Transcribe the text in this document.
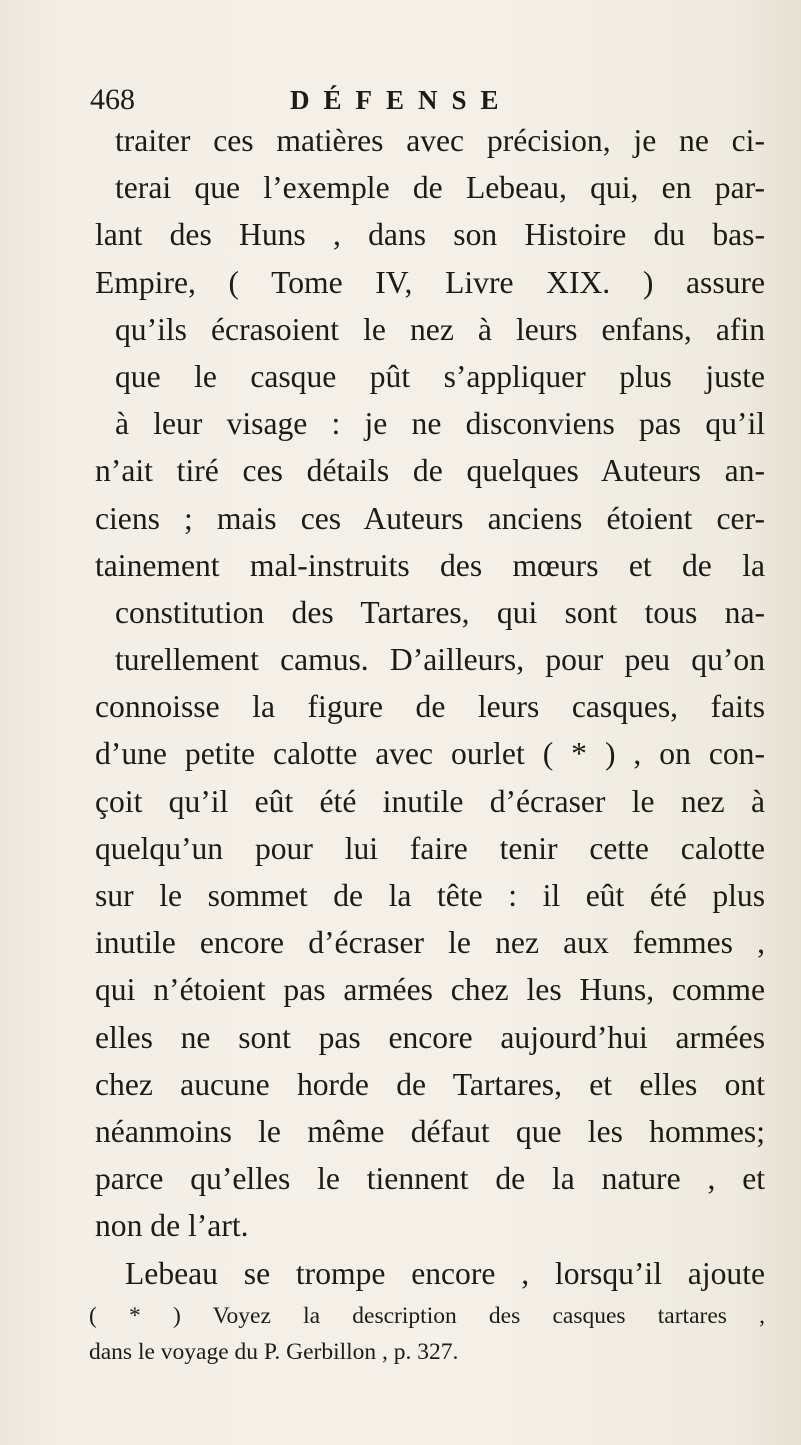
468	DÉFENSE
traiter ces matières avec précision, je ne ci-
terai que l’exemple de Lebeau, qui, en par-
lant des Huns , dans son Histoire du bas-
Empire, ( Tome IV, Livre XIX. ) assure
qu’ils écrasoient le nez à leurs enfans, afin
que le casque pût s’appliquer plus juste
à leur visage : je ne disconviens pas qu’il
n’ait tiré ces détails de quelques Auteurs an-
ciens ; mais ces Auteurs anciens étoient cer-
tainement mal-instruits des mœurs et de la
constitution des Tartares, qui sont tous na-
turellement camus. D’ailleurs, pour peu qu’on
connoisse la figure de leurs casques, faits
d’une petite calotte avec ourlet ( * ) , on con-
çoit qu’il eût été inutile d’écraser le nez à
quelqu’un pour lui faire tenir cette calotte
sur le sommet de la tête : il eût été plus
inutile encore d’écraser le nez aux femmes ,
qui n’étoient pas armées chez les Huns, comme
elles ne sont pas encore aujourd’hui armées
chez aucune horde de Tartares, et elles ont
néanmoins le même défaut que les hommes;
parce qu’elles le tiennent de la nature , et
non de l’art.
Lebeau se trompe encore , lorsqu’il ajoute
( * ) Voyez la description des casques tartares ,
dans le voyage du P. Gerbillon , p. 327.
